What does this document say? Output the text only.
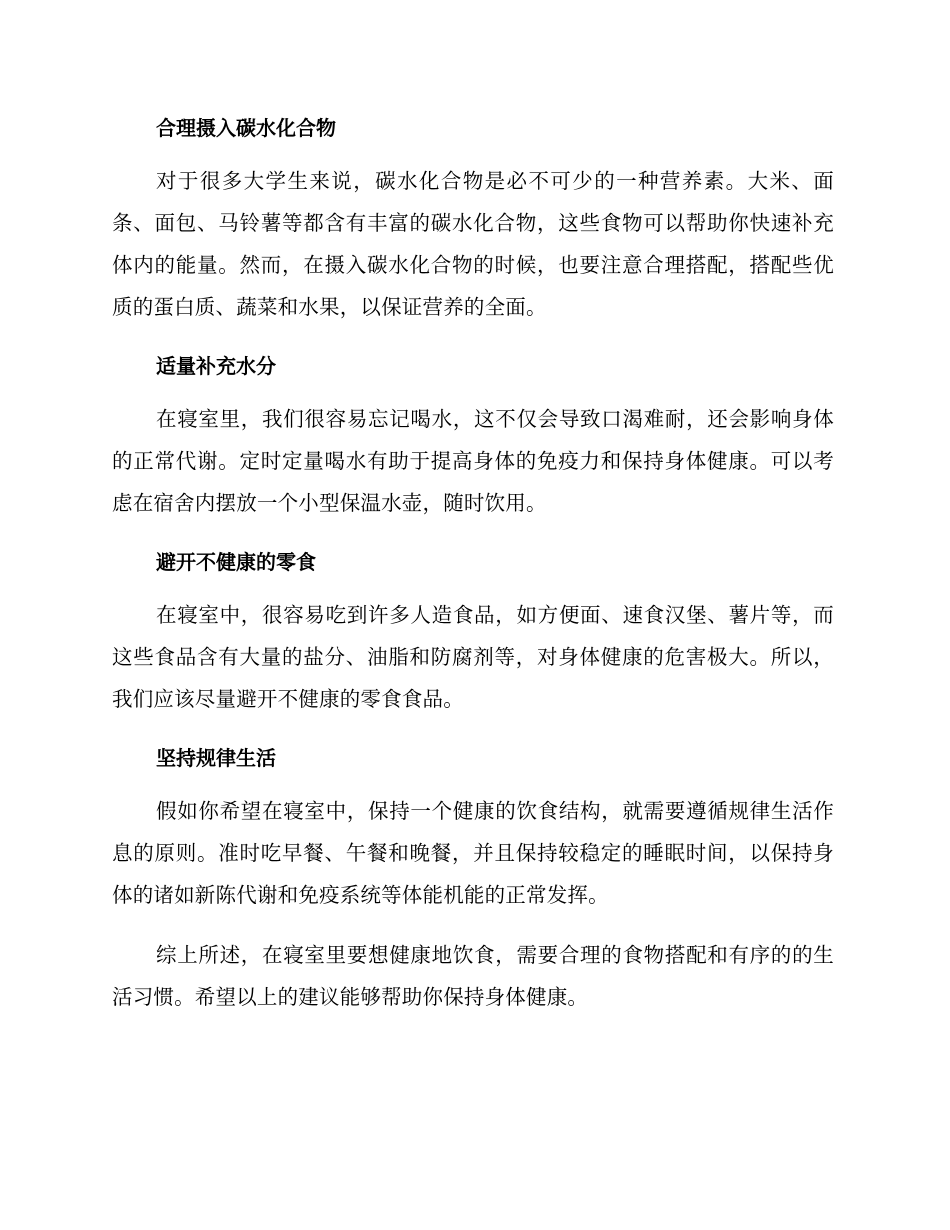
合理摄入碳水化合物

对于很多大学生来说，碳水化合物是必不可少的一种营养素。大米、面条、面包、马铃薯等都含有丰富的碳水化合物，这些食物可以帮助你快速补充体内的能量。然而，在摄入碳水化合物的时候，也要注意合理搭配，搭配些优质的蛋白质、蔬菜和水果，以保证营养的全面。

适量补充水分

在寝室里，我们很容易忘记喝水，这不仅会导致口渴难耐，还会影响身体的正常代谢。定时定量喝水有助于提高身体的免疫力和保持身体健康。可以考虑在宿舍内摆放一个小型保温水壶，随时饮用。

避开不健康的零食

在寝室中，很容易吃到许多人造食品，如方便面、速食汉堡、薯片等，而这些食品含有大量的盐分、油脂和防腐剂等，对身体健康的危害极大。所以，我们应该尽量避开不健康的零食食品。

坚持规律生活

假如你希望在寝室中，保持一个健康的饮食结构，就需要遵循规律生活作息的原则。准时吃早餐、午餐和晚餐，并且保持较稳定的睡眠时间，以保持身体的诸如新陈代谢和免疫系统等体能机能的正常发挥。

综上所述，在寝室里要想健康地饮食，需要合理的食物搭配和有序的的生活习惯。希望以上的建议能够帮助你保持身体健康。
